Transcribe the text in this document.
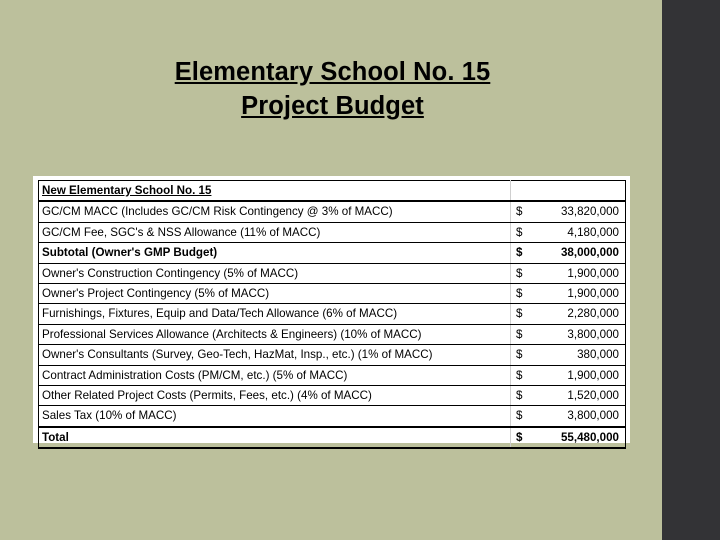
Elementary School No. 15
Project Budget
New Elementary School No. 15		
GC/CM MACC (Includes GC/CM Risk Contingency @ 3% of MACC)	$	33,820,000
GC/CM Fee, SGC's & NSS Allowance (11% of MACC)	$	4,180,000
Subtotal (Owner's GMP Budget)	$	38,000,000
Owner's Construction Contingency (5% of MACC)	$	1,900,000
Owner's Project Contingency (5% of MACC)	$	1,900,000
Furnishings, Fixtures, Equip and Data/Tech Allowance (6% of MACC)	$	2,280,000
Professional Services Allowance (Architects & Engineers) (10% of MACC)	$	3,800,000
Owner's Consultants (Survey, Geo-Tech, HazMat, Insp., etc.) (1% of MACC)	$	380,000
Contract Administration Costs (PM/CM, etc.) (5% of MACC)	$	1,900,000
Other Related Project Costs (Permits, Fees, etc.) (4% of MACC)	$	1,520,000
Sales Tax (10% of MACC)	$	3,800,000
Total	$	55,480,000
